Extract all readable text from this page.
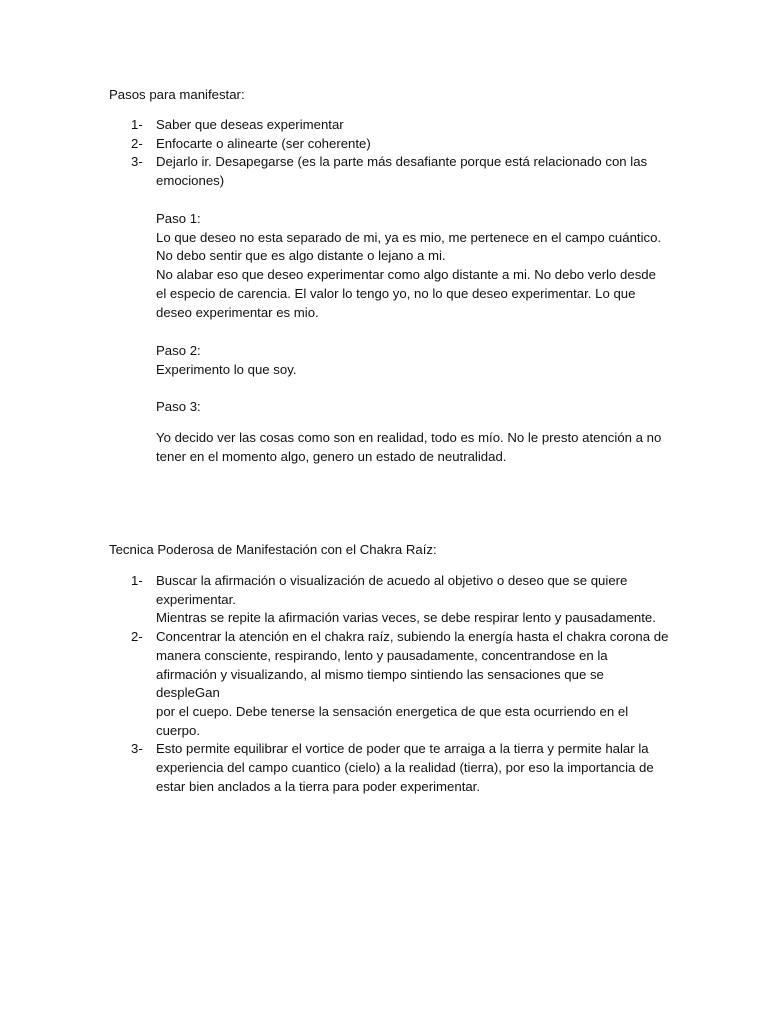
Pasos para manifestar:
1- Saber que deseas experimentar
2- Enfocarte o alinearte (ser coherente)
3- Dejarlo ir. Desapegarse (es la parte más desafiante porque está relacionado con las
emociones)
Paso 1:
Lo que deseo no esta separado de mi, ya es mio, me pertenece en el campo cuántico.
No debo sentir que es algo distante o lejano a mi.
No alabar eso que deseo experimentar como algo distante a mi. No debo verlo desde
el especio de carencia. El valor lo tengo yo, no lo que deseo experimentar. Lo que
deseo experimentar es mio.
Paso 2:
Experimento lo que soy.
Paso 3:
Yo decido ver las cosas como son en realidad, todo es mío. No le presto atención a no
tener en el momento algo, genero un estado de neutralidad.
Tecnica Poderosa de Manifestación con el Chakra Raíz:
1- Buscar la afirmación o visualización de acuedo al objetivo o deseo que se quiere
experimentar.
Mientras se repite la afirmación varias veces, se debe respirar lento y pausadamente.
2- Concentrar la atención en el chakra raíz, subiendo la energía hasta el chakra corona de
manera consciente, respirando, lento y pausadamente, concentrandose en la
afirmación y visualizando, al mismo tiempo sintiendo las sensaciones que se despleGan
por el cuepo. Debe tenerse la sensación energetica de que esta ocurriendo en el
cuerpo.
3- Esto permite equilibrar el vortice de poder que te arraiga a la tierra y permite halar la
experiencia del campo cuantico (cielo) a la realidad (tierra), por eso la importancia de
estar bien anclados a la tierra para poder experimentar.
